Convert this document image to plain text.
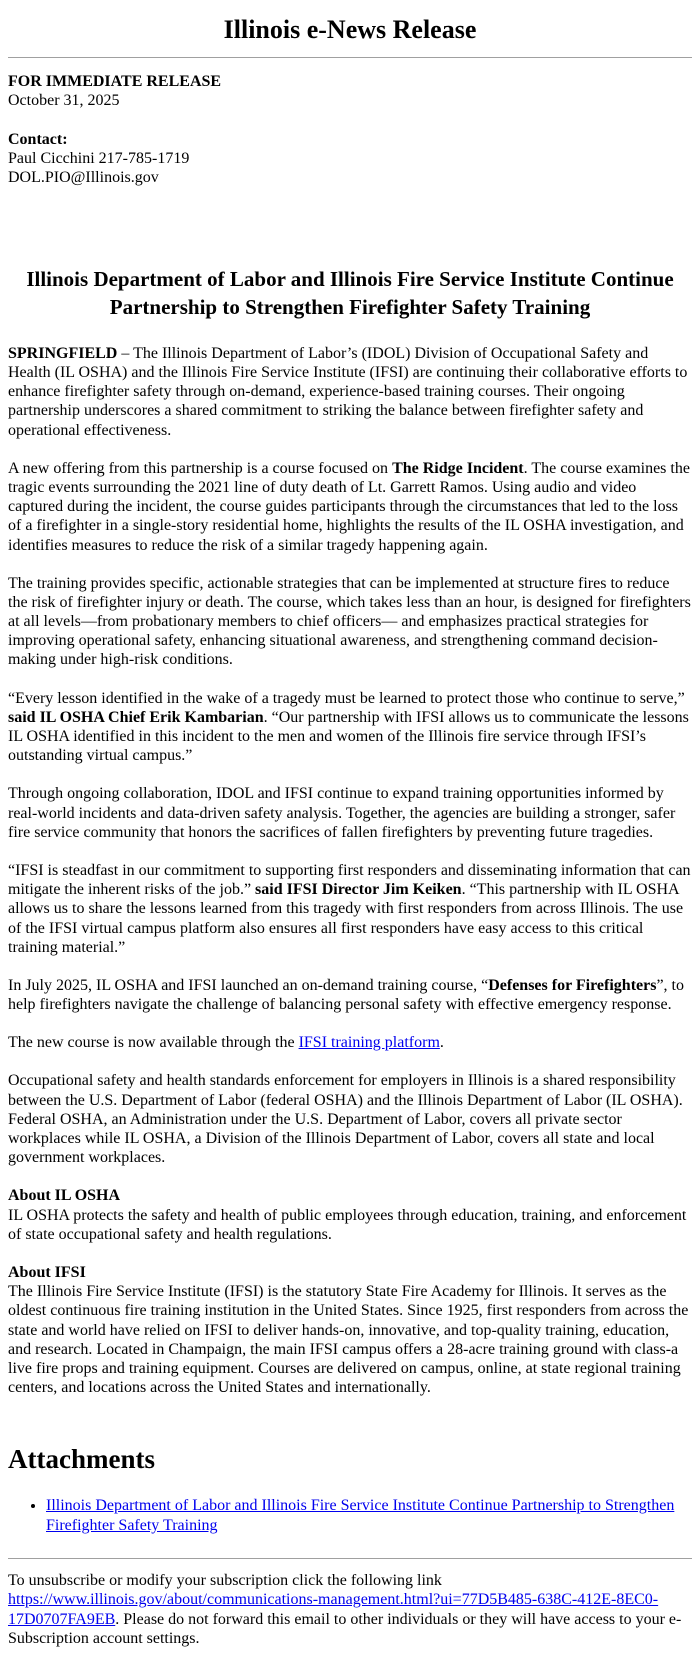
Illinois e-News Release
FOR IMMEDIATE RELEASE
October 31, 2025
Contact:
Paul Cicchini 217-785-1719
DOL.PIO@Illinois.gov
Illinois Department of Labor and Illinois Fire Service Institute Continue Partnership to Strengthen Firefighter Safety Training

SPRINGFIELD – The Illinois Department of Labor’s (IDOL) Division of Occupational Safety and Health (IL OSHA) and the Illinois Fire Service Institute (IFSI) are continuing their collaborative efforts to enhance firefighter safety through on-demand, experience-based training courses. Their ongoing partnership underscores a shared commitment to striking the balance between firefighter safety and operational effectiveness.

A new offering from this partnership is a course focused on The Ridge Incident. The course examines the tragic events surrounding the 2021 line of duty death of Lt. Garrett Ramos. Using audio and video captured during the incident, the course guides participants through the circumstances that led to the loss of a firefighter in a single-story residential home, highlights the results of the IL OSHA investigation, and identifies measures to reduce the risk of a similar tragedy happening again.

The training provides specific, actionable strategies that can be implemented at structure fires to reduce the risk of firefighter injury or death. The course, which takes less than an hour, is designed for firefighters at all levels—from probationary members to chief officers— and emphasizes practical strategies for improving operational safety, enhancing situational awareness, and strengthening command decision-making under high-risk conditions.

“Every lesson identified in the wake of a tragedy must be learned to protect those who continue to serve,” said IL OSHA Chief Erik Kambarian. “Our partnership with IFSI allows us to communicate the lessons IL OSHA identified in this incident to the men and women of the Illinois fire service through IFSI’s outstanding virtual campus.”

Through ongoing collaboration, IDOL and IFSI continue to expand training opportunities informed by real-world incidents and data-driven safety analysis. Together, the agencies are building a stronger, safer fire service community that honors the sacrifices of fallen firefighters by preventing future tragedies.

“IFSI is steadfast in our commitment to supporting first responders and disseminating information that can mitigate the inherent risks of the job.” said IFSI Director Jim Keiken. “This partnership with IL OSHA allows us to share the lessons learned from this tragedy with first responders from across Illinois. The use of the IFSI virtual campus platform also ensures all first responders have easy access to this critical training material.”

In July 2025, IL OSHA and IFSI launched an on-demand training course, “Defenses for Firefighters”, to help firefighters navigate the challenge of balancing personal safety with effective emergency response.

The new course is now available through the IFSI training platform.

Occupational safety and health standards enforcement for employers in Illinois is a shared responsibility between the U.S. Department of Labor (federal OSHA) and the Illinois Department of Labor (IL OSHA). Federal OSHA, an Administration under the U.S. Department of Labor, covers all private sector workplaces while IL OSHA, a Division of the Illinois Department of Labor, covers all state and local government workplaces.

About IL OSHA
IL OSHA protects the safety and health of public employees through education, training, and enforcement of state occupational safety and health regulations.

About IFSI
The Illinois Fire Service Institute (IFSI) is the statutory State Fire Academy for Illinois. It serves as the oldest continuous fire training institution in the United States. Since 1925, first responders from across the state and world have relied on IFSI to deliver hands-on, innovative, and top-quality training, education, and research. Located in Champaign, the main IFSI campus offers a 28-acre training ground with class-a live fire props and training equipment. Courses are delivered on campus, online, at state regional training centers, and locations across the United States and internationally.

Attachments
• Illinois Department of Labor and Illinois Fire Service Institute Continue Partnership to Strengthen Firefighter Safety Training

To unsubscribe or modify your subscription click the following link https://www.illinois.gov/about/communications-management.html?ui=77D5B485-638C-412E-8EC0-17D0707FA9EB. Please do not forward this email to other individuals or they will have access to your e-Subscription account settings.
